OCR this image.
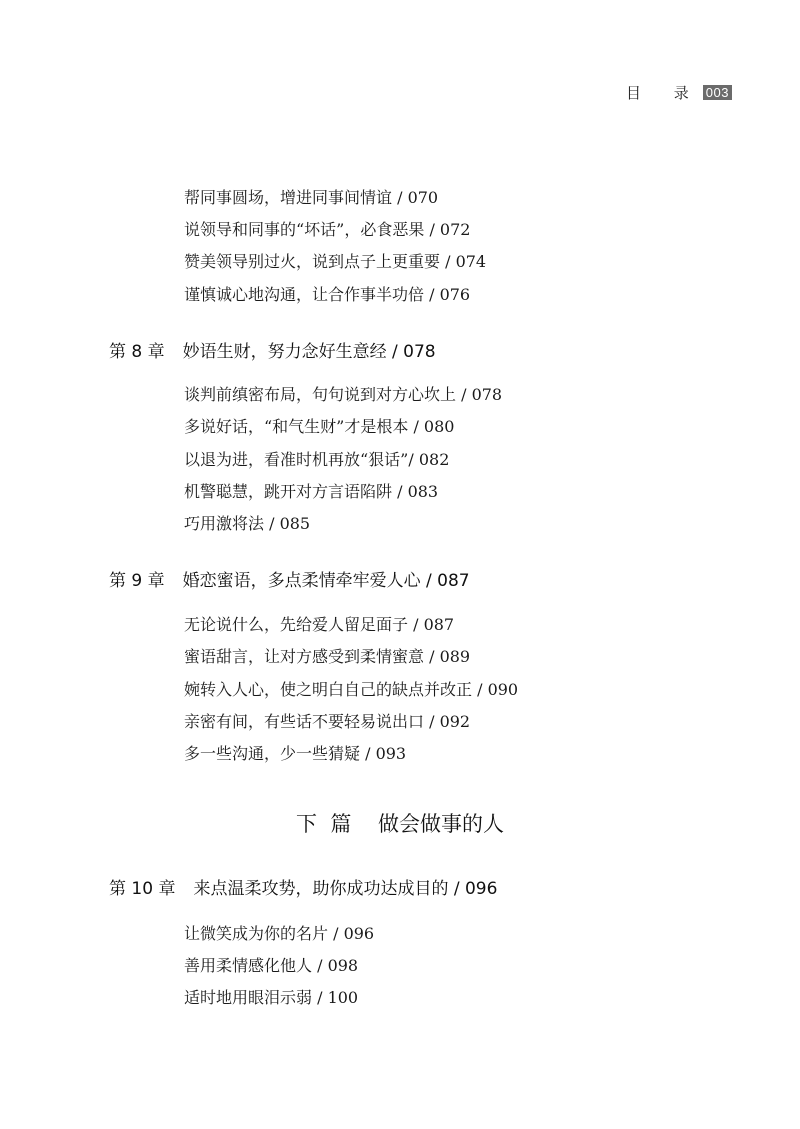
目 录 003
帮同事圆场，增进同事间情谊 / 070
说领导和同事的“坏话”，必食恶果 / 072
赞美领导别过火，说到点子上更重要 / 074
谨慎诚心地沟通，让合作事半功倍 / 076
第 8 章 妙语生财，努力念好生意经 / 078
谈判前缜密布局，句句说到对方心坎上 / 078
多说好话，“和气生财”才是根本 / 080
以退为进，看准时机再放“狠话”/ 082
机警聪慧，跳开对方言语陷阱 / 083
巧用激将法 / 085
第 9 章 婚恋蜜语，多点柔情牵牢爱人心 / 087
无论说什么，先给爱人留足面子 / 087
蜜语甜言，让对方感受到柔情蜜意 / 089
婉转入人心，使之明白自己的缺点并改正 / 090
亲密有间，有些话不要轻易说出口 / 092
多一些沟通，少一些猜疑 / 093
下  篇    做会做事的人
第 10 章 来点温柔攻势，助你成功达成目的 / 096
让微笑成为你的名片 / 096
善用柔情感化他人 / 098
适时地用眼泪示弱 / 100
